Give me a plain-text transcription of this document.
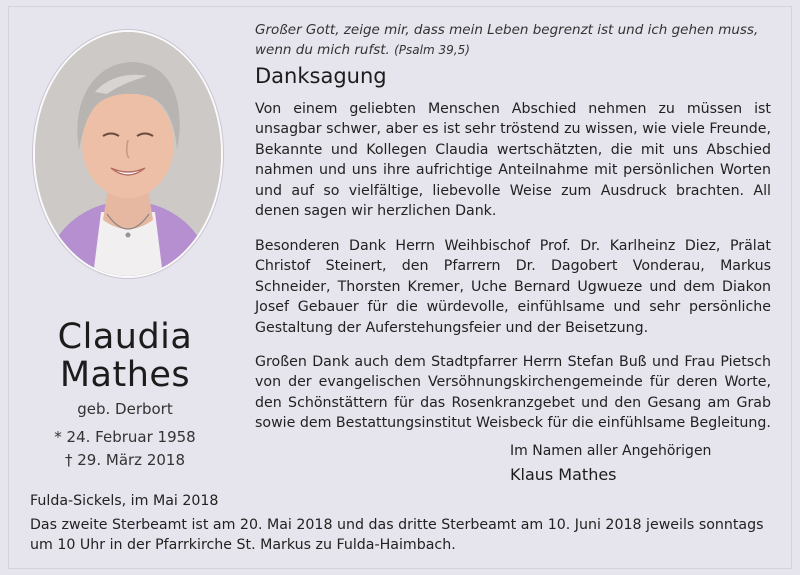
Claudia
Mathes
geb. Derbort
* 24. Februar 1958
† 29. März 2018
Großer Gott, zeige mir, dass mein Leben begrenzt ist und ich gehen muss, wenn du mich rufst. (Psalm 39,5)
Danksagung
Von einem geliebten Menschen Abschied nehmen zu müssen ist unsagbar schwer, aber es ist sehr tröstend zu wissen, wie viele Freunde, Bekannte und Kollegen Claudia wertschätzten, die mit uns Abschied nahmen und uns ihre aufrichtige Anteilnahme mit persönlichen Worten und auf so vielfältige, liebevolle Weise zum Ausdruck brachten. All denen sagen wir herzlichen Dank.
Besonderen Dank Herrn Weihbischof Prof. Dr. Karlheinz Diez, Prälat Christof Steinert, den Pfarrern Dr. Dagobert Vonderau, Markus Schneider, Thorsten Kremer, Uche Bernard Ugwueze und dem Diakon Josef Gebauer für die würdevolle, einfühlsame und sehr persönliche Gestaltung der Auferstehungsfeier und der Beisetzung.
Großen Dank auch dem Stadtpfarrer Herrn Stefan Buß und Frau Pietsch von der evangelischen Versöhnungskirchengemeinde für deren Worte, den Schönstättern für das Rosenkranzgebet und den Gesang am Grab sowie dem Bestattungsinstitut Weisbeck für die einfühlsame Begleitung.
Im Namen aller Angehörigen
Klaus Mathes
Fulda-Sickels, im Mai 2018
Das zweite Sterbeamt ist am 20. Mai 2018 und das dritte Sterbeamt am 10. Juni 2018 jeweils sonntags um 10 Uhr in der Pfarrkirche St. Markus zu Fulda-Haimbach.
